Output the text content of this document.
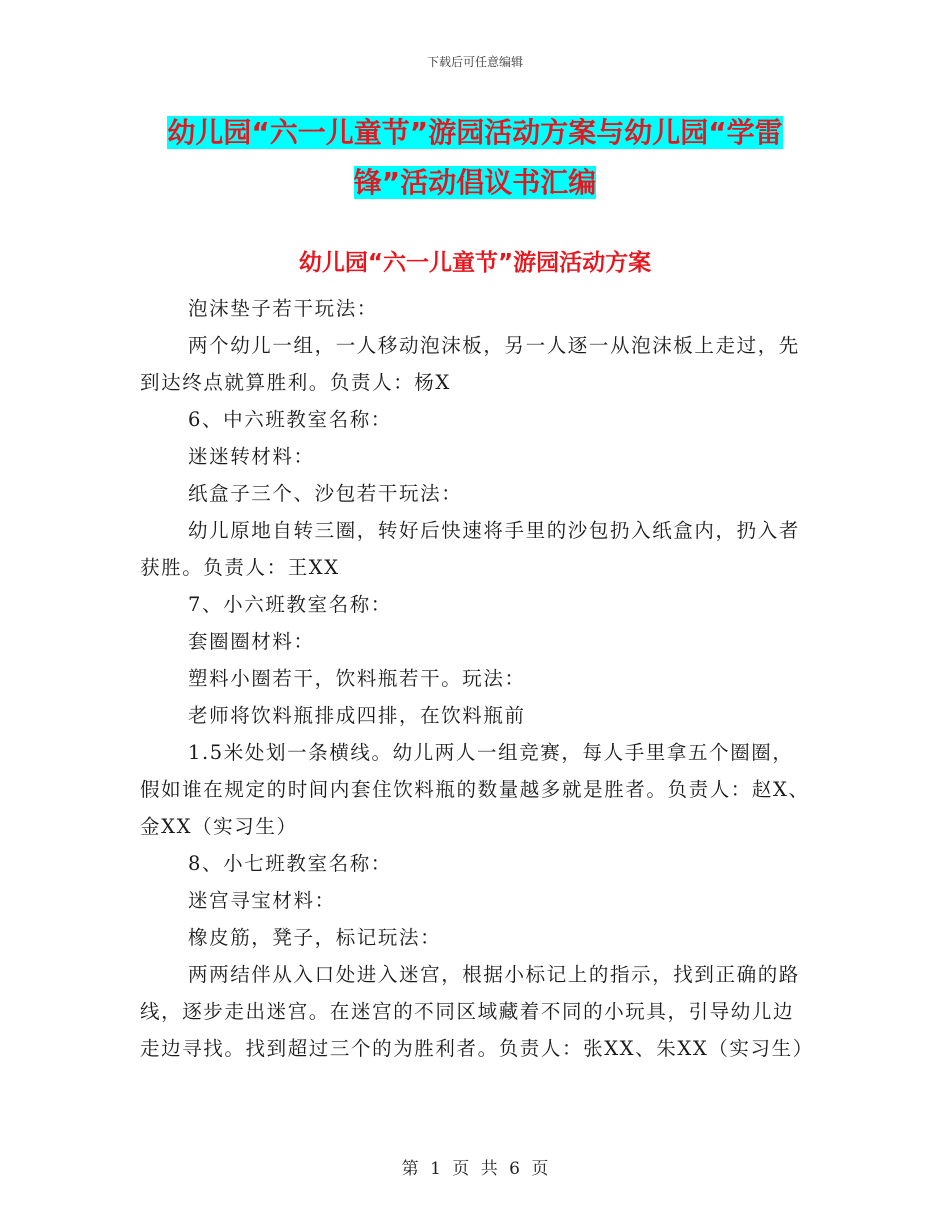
下载后可任意编辑
幼儿园“六一儿童节”游园活动方案与幼儿园“学雷
锋”活动倡议书汇编
幼儿园“六一儿童节”游园活动方案

泡沫垫子若干玩法：

两个幼儿一组，一人移动泡沫板，另一人逐一从泡沫板上走过，先到达终点就算胜利。负责人：杨X

6、中六班教室名称：

迷迷转材料：

纸盒子三个、沙包若干玩法：

幼儿原地自转三圈，转好后快速将手里的沙包扔入纸盒内，扔入者获胜。负责人：王XX

7、小六班教室名称：

套圈圈材料：

塑料小圈若干，饮料瓶若干。玩法：

老师将饮料瓶排成四排，在饮料瓶前

1.5米处划一条横线。幼儿两人一组竞赛，每人手里拿五个圈圈，假如谁在规定的时间内套住饮料瓶的数量越多就是胜者。负责人：赵X、金XX（实习生）

8、小七班教室名称：

迷宫寻宝材料：

橡皮筋，凳子，标记玩法：

两两结伴从入口处进入迷宫，根据小标记上的指示，找到正确的路线，逐步走出迷宫。在迷宫的不同区域藏着不同的小玩具，引导幼儿边走边寻找。找到超过三个的为胜利者。负责人：张XX、朱XX（实习生）

第 1 页 共 6 页
